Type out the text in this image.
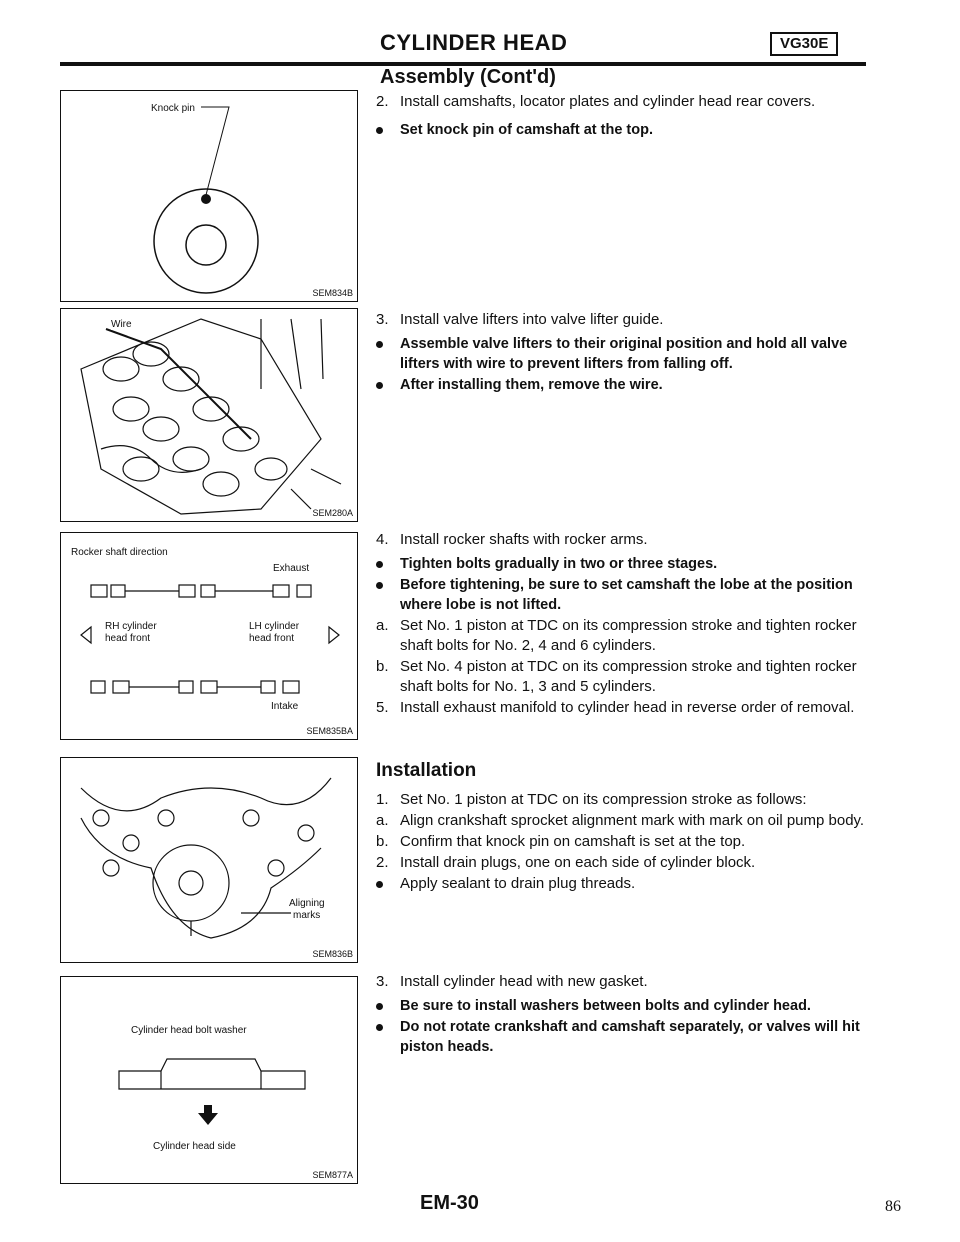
CYLINDER HEAD	VG30E
Assembly (Cont'd)
Knock pin
SEM834B
Wire
SEM280A
Rocker shaft direction
Exhaust
RH cylinder
head front
LH cylinder
head front
Intake
SEM835BA
Aligning
marks
SEM836B
Cylinder head bolt washer
Cylinder head side
SEM877A
2. Install camshafts, locator plates and cylinder head rear covers.
Set knock pin of camshaft at the top.
3. Install valve lifters into valve lifter guide.
Assemble valve lifters to their original position and hold all valve lifters with wire to prevent lifters from falling off.
After installing them, remove the wire.
4. Install rocker shafts with rocker arms.
Tighten bolts gradually in two or three stages.
Before tightening, be sure to set camshaft the lobe at the position where lobe is not lifted.
a. Set No. 1 piston at TDC on its compression stroke and tighten rocker shaft bolts for No. 2, 4 and 6 cylinders.
b. Set No. 4 piston at TDC on its compression stroke and tighten rocker shaft bolts for No. 1, 3 and 5 cylinders.
5. Install exhaust manifold to cylinder head in reverse order of removal.
Installation
1. Set No. 1 piston at TDC on its compression stroke as follows:
a. Align crankshaft sprocket alignment mark with mark on oil pump body.
b. Confirm that knock pin on camshaft is set at the top.
2. Install drain plugs, one on each side of cylinder block.
Apply sealant to drain plug threads.
3. Install cylinder head with new gasket.
Be sure to install washers between bolts and cylinder head.
Do not rotate crankshaft and camshaft separately, or valves will hit piston heads.
EM-30	86
